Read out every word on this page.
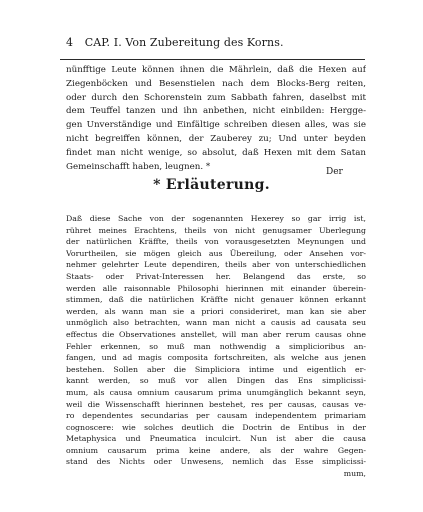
4 CAP. I. Von Zubereitung des Korns.
nünfftige Leute können ihnen die Mährlein, daß die Hexen auf
Ziegenböcken und Besenstielen nach dem Blocks-Berg reiten,
oder durch den Schorenstein zum Sabbath fahren, daselbst mit
dem Teuffel tanzen und ihn anbethen, nicht einbilden: Hergge-
gen Unverständige und Einfältige schreiben diesen alles, was sie
nicht begreiffen können, der Zauberey zu; Und unter beyden
findet man nicht wenige, so absolut, daß Hexen mit dem Satan
Gemeinschafft haben, leugnen. *
Der
* Erläuterung.
Daß diese Sache von der sogenannten Hexerey so gar irrig ist,
rühret meines Erachtens, theils von nicht genugsamer Uberlegung
der natürlichen Kräffte, theils von vorausgesetzten Meynungen und
Vorurtheilen, sie mögen gleich aus Übereilung, oder Ansehen vor-
nehmer gelehrter Leute dependiren, theils aber von unterschiedlichen
Staats- oder Privat-Interessen her. Belangend das erste, so
werden alle raisonnable Philosophi hierinnen mit einander überein-
stimmen, daß die natürlichen Kräffte nicht genauer können erkannt
werden, als wann man sie a priori consideriret, man kan sie aber
unmöglich also betrachten, wann man nicht a causis ad causata seu
effectus die Observationes anstellet, will man aber rerum causas ohne
Fehler erkennen, so muß man nothwendig a simplicioribus an-
fangen, und ad magis composita fortschreiten, als welche aus jenen
bestehen. Sollen aber die Simpliciora intime und eigentlich er-
kannt werden, so muß vor allen Dingen das Ens simplicissi-
mum, als causa omnium causarum prima unumgänglich bekannt seyn,
weil die Wissenschafft hierinnen bestehet, res per causas, causas ve-
ro dependentes secundarias per causam independentem primariam
cognoscere: wie solches deutlich die Doctrin de Entibus in der
Metaphysica und Pneumatica inculcirt. Nun ist aber die causa
omnium causarum prima keine andere, als der wahre Gegen-
stand des Nichts oder Unwesens, nemlich das Esse simplicissi-
mum,
